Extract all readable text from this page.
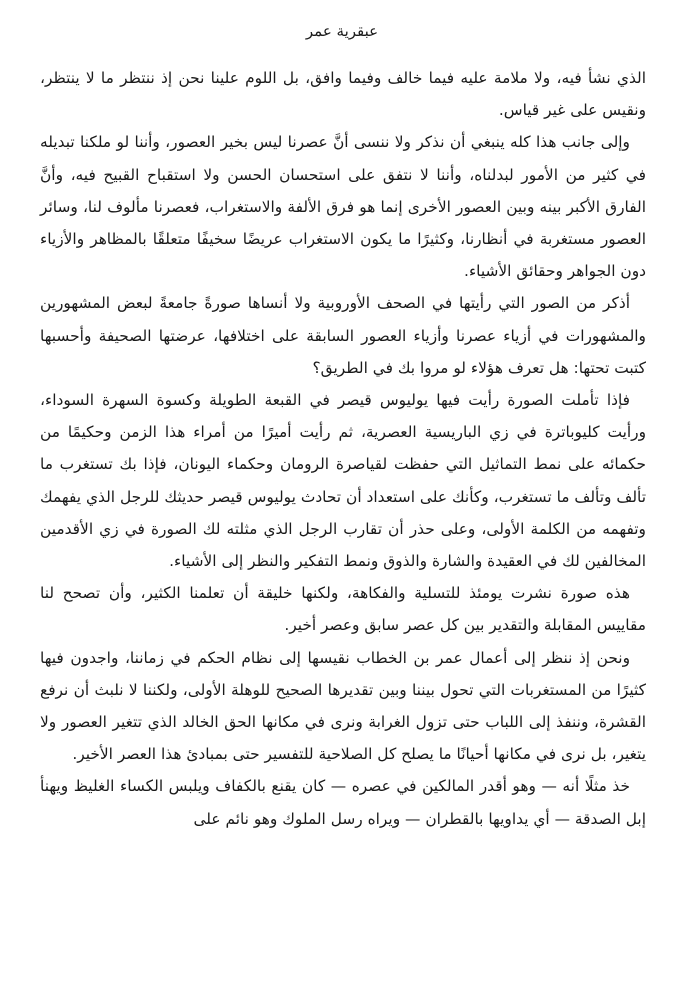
عبقرية عمر

الذي نشأ فيه، ولا ملامة عليه فيما خالف وفيما وافق، بل اللوم علينا نحن إذ ننتظر ما لا ينتظر، ونقيس على غير قياس.

وإلى جانب هذا كله ينبغي أن نذكر ولا ننسى أنَّ عصرنا ليس بخير العصور، وأننا لو ملكنا تبديله في كثير من الأمور لبدلناه، وأننا لا نتفق على استحسان الحسن ولا استقباح القبيح فيه، وأنَّ الفارق الأكبر بينه وبين العصور الأخرى إنما هو فرق الألفة والاستغراب، فعصرنا مألوف لنا، وسائر العصور مستغربة في أنظارنا، وكثيرًا ما يكون الاستغراب عريضًا سخيفًا متعلقًا بالمظاهر والأزياء دون الجواهر وحقائق الأشياء.

أذكر من الصور التي رأيتها في الصحف الأوروبية ولا أنساها صورةً جامعةً لبعض المشهورين والمشهورات في أزياء عصرنا وأزياء العصور السابقة على اختلافها، عرضتها الصحيفة وأحسبها كتبت تحتها: هل تعرف هؤلاء لو مروا بك في الطريق؟

فإذا تأملت الصورة رأيت فيها يوليوس قيصر في القبعة الطويلة وكسوة السهرة السوداء، ورأيت كليوباترة في زي الباريسية العصرية، ثم رأيت أميرًا من أمراء هذا الزمن وحكيمًا من حكمائه على نمط التماثيل التي حفظت لقياصرة الرومان وحكماء اليونان، فإذا بك تستغرب ما تألف وتألف ما تستغرب، وكأنك على استعداد أن تحادث يوليوس قيصر حديثك للرجل الذي يفهمك وتفهمه من الكلمة الأولى، وعلى حذر أن تقارب الرجل الذي مثلته لك الصورة في زي الأقدمين المخالفين لك في العقيدة والشارة والذوق ونمط التفكير والنظر إلى الأشياء.

هذه صورة نشرت يومئذ للتسلية والفكاهة، ولكنها خليقة أن تعلمنا الكثير، وأن تصحح لنا مقاييس المقابلة والتقدير بين كل عصر سابق وعصر أخير.

ونحن إذ ننظر إلى أعمال عمر بن الخطاب نقيسها إلى نظام الحكم في زماننا، واجدون فيها كثيرًا من المستغربات التي تحول بيننا وبين تقديرها الصحيح للوهلة الأولى، ولكننا لا نلبث أن نرفع القشرة، وننفذ إلى اللباب حتى تزول الغرابة ونرى في مكانها الحق الخالد الذي تتغير العصور ولا يتغير، بل نرى في مكانها أحيانًا ما يصلح كل الصلاحية للتفسير حتى بمبادئ هذا العصر الأخير.

خذ مثلًا أنه — وهو أقدر المالكين في عصره — كان يقنع بالكفاف ويلبس الكساء الغليظ ويهنأ إبل الصدقة — أي يداويها بالقطران — ويراه رسل الملوك وهو نائم على
